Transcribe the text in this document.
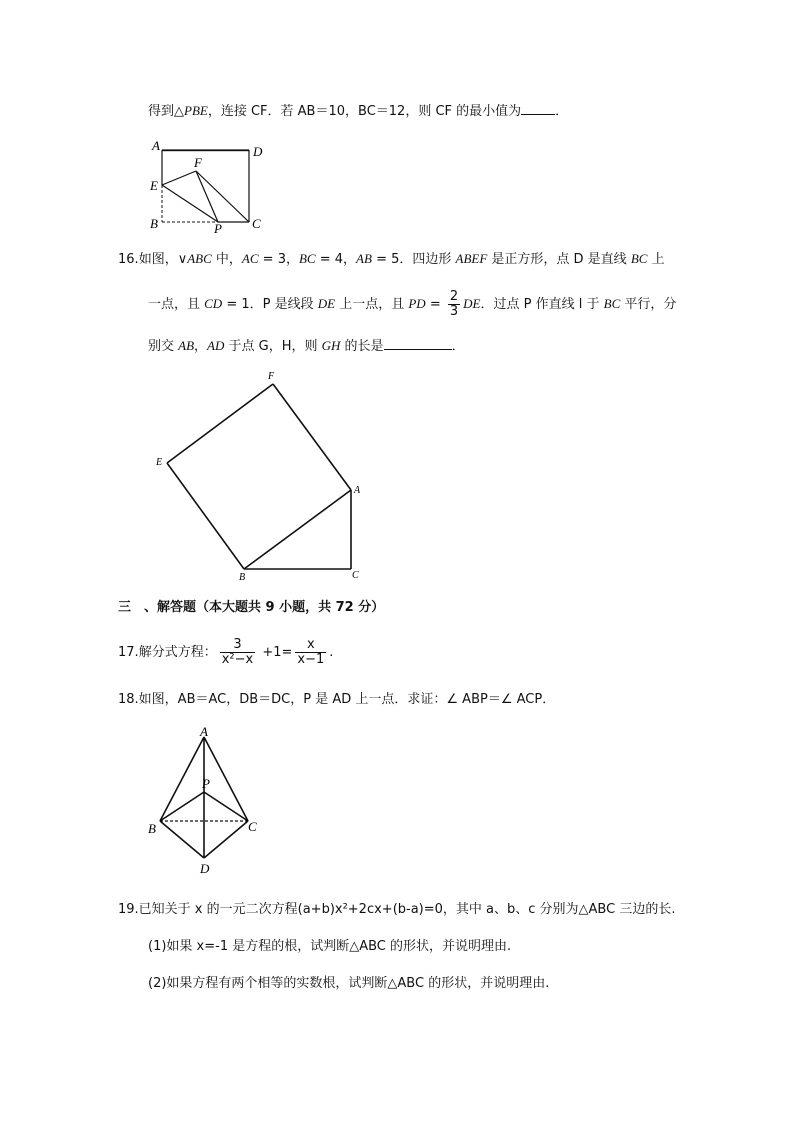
得到△PBE，连接 CF．若 AB＝10，BC＝12，则 CF 的最小值为	．
A	D
F
E
B	P C
16.如图，∨ABC 中，AC = 3，BC = 4，AB = 5．四边形 ABEF 是正方形，点 D 是直线 BC 上
一点，且 CD = 1．P 是线段 DE 上一点，且 PD = $\frac{2}{3}$ DE．过点 P 作直线 l 于 BC 平行，分
别交 AB，AD 于点 G，H，则 GH 的长是	．
F
E
A
B	C
三　、解答题（本大题共 9 小题，共 72 分）
17.解分式方程： $\frac{3}{\text{x²−x}} +1= \frac{x}{x-1}$ .
18.如图，AB＝AC，DB＝DC，P 是 AD 上一点．求证：∠ ABP＝∠ ACP．
A
P
B	C
D
19.已知关于 x 的一元二次方程(a+b)x²+2cx+(b-a)=0，其中 a、b、c 分别为△ABC 三边的长.
(1)如果 x=-1 是方程的根，试判断△ABC 的形状，并说明理由.
(2)如果方程有两个相等的实数根，试判断△ABC 的形状，并说明理由.
